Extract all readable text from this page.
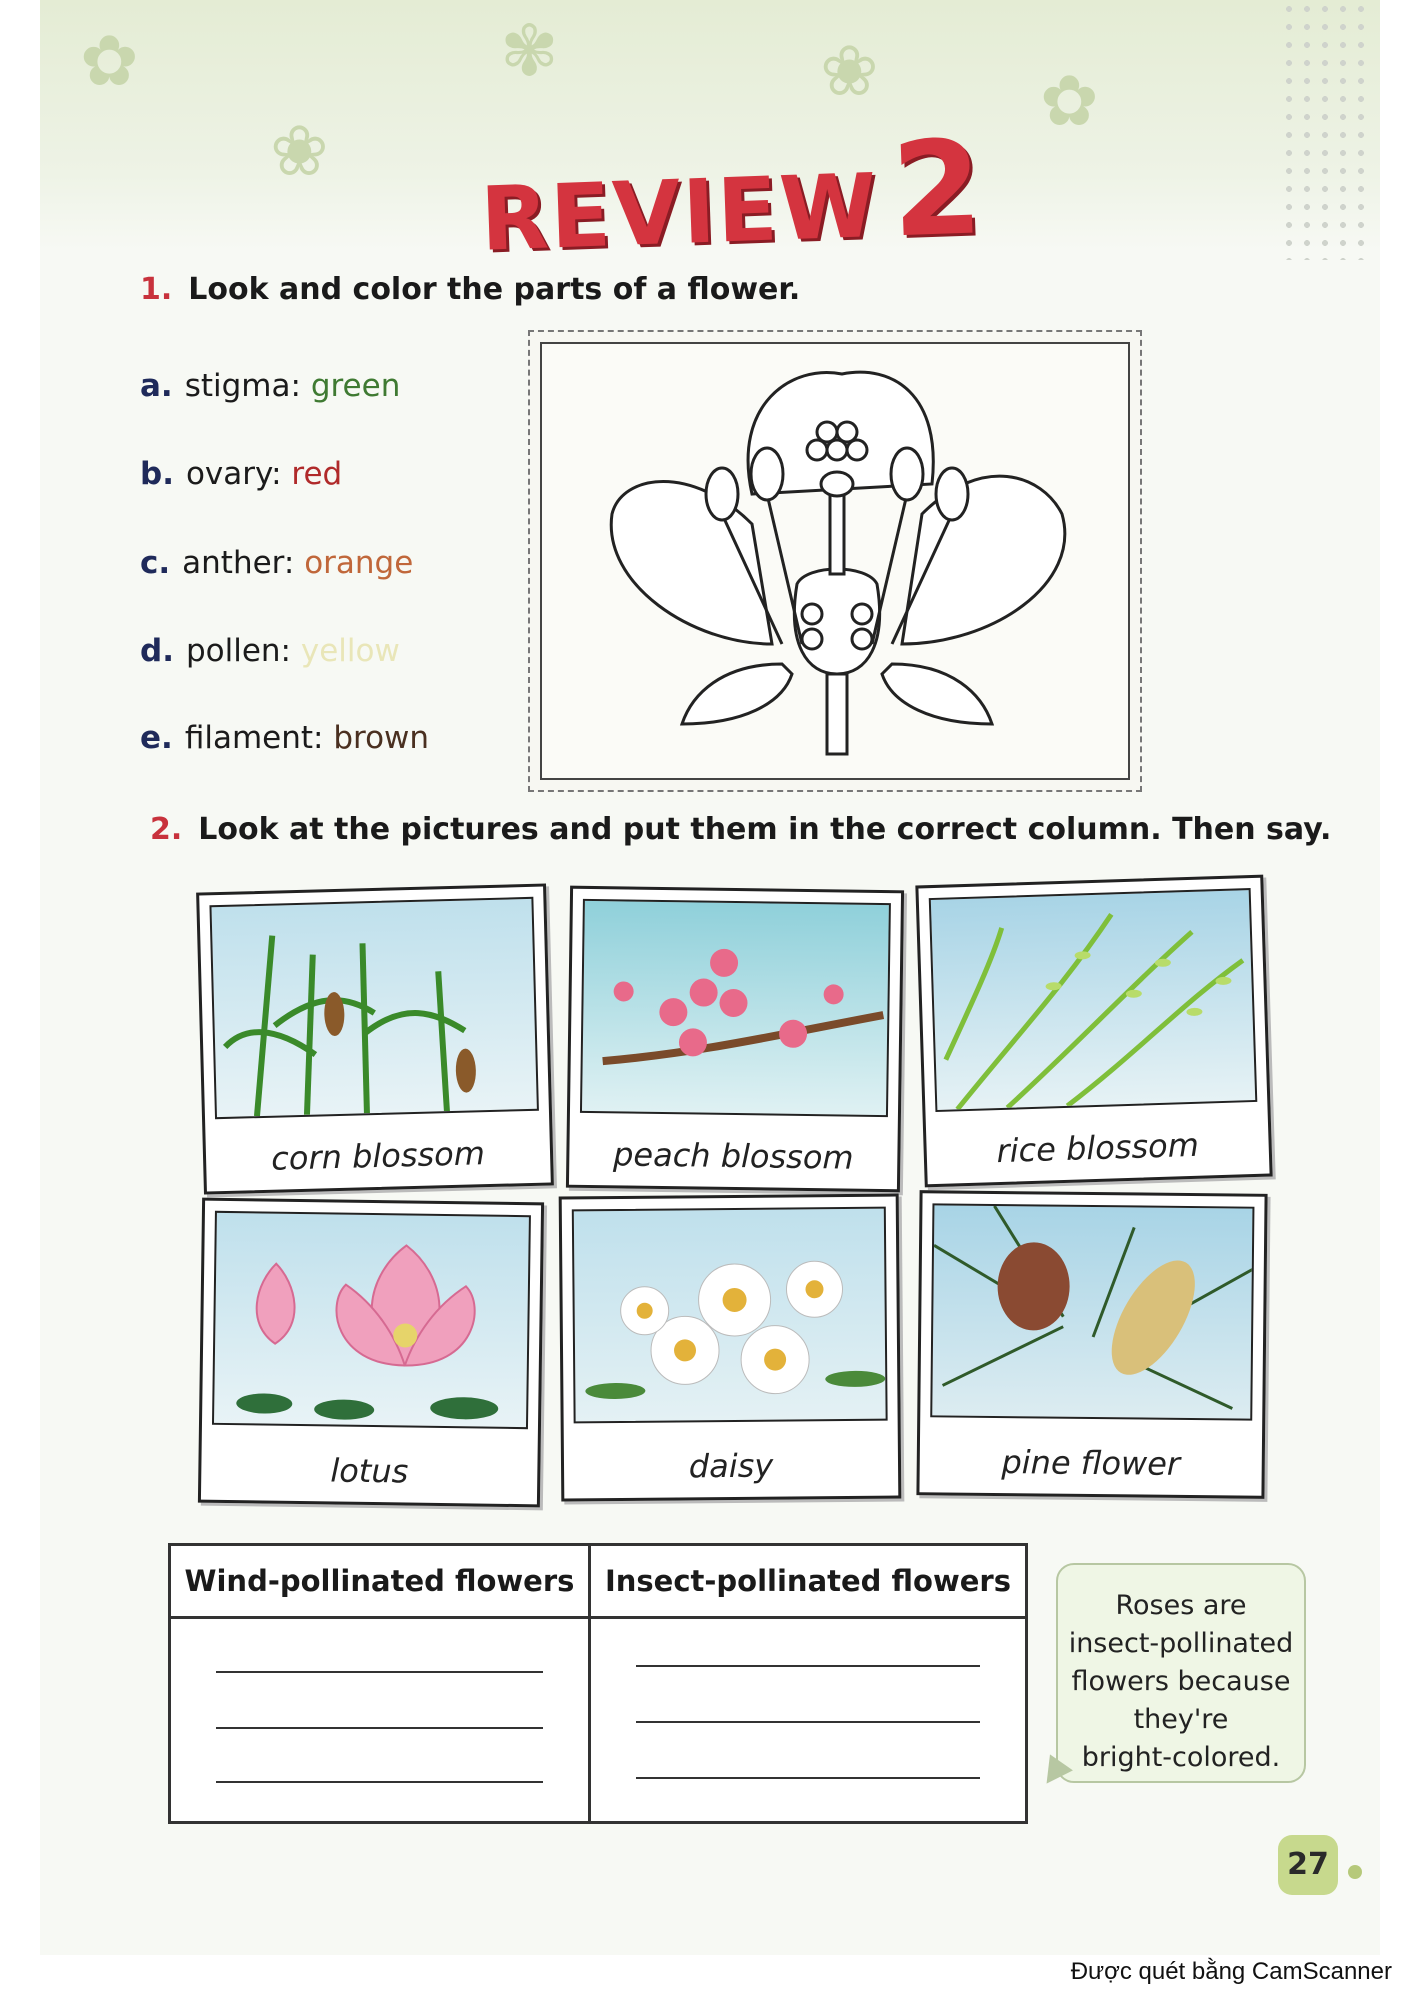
✿
❀
✾	❀ ✿
REVIEW2
1. Look and color the parts of a flower.
a. stigma: green
b. ovary: red
c. anther: orange
d. pollen: yellow
e. filament: brown
2. Look at the pictures and put them in the correct column. Then say.
corn blossom	peach blossom	rice blossom
lotus	daisy	pine flower
Wind-pollinated flowers	Insect-pollinated flowers

Roses are
insect-pollinated
flowers because
they're
bright-colored.
27
Được quét bằng CamScanner
